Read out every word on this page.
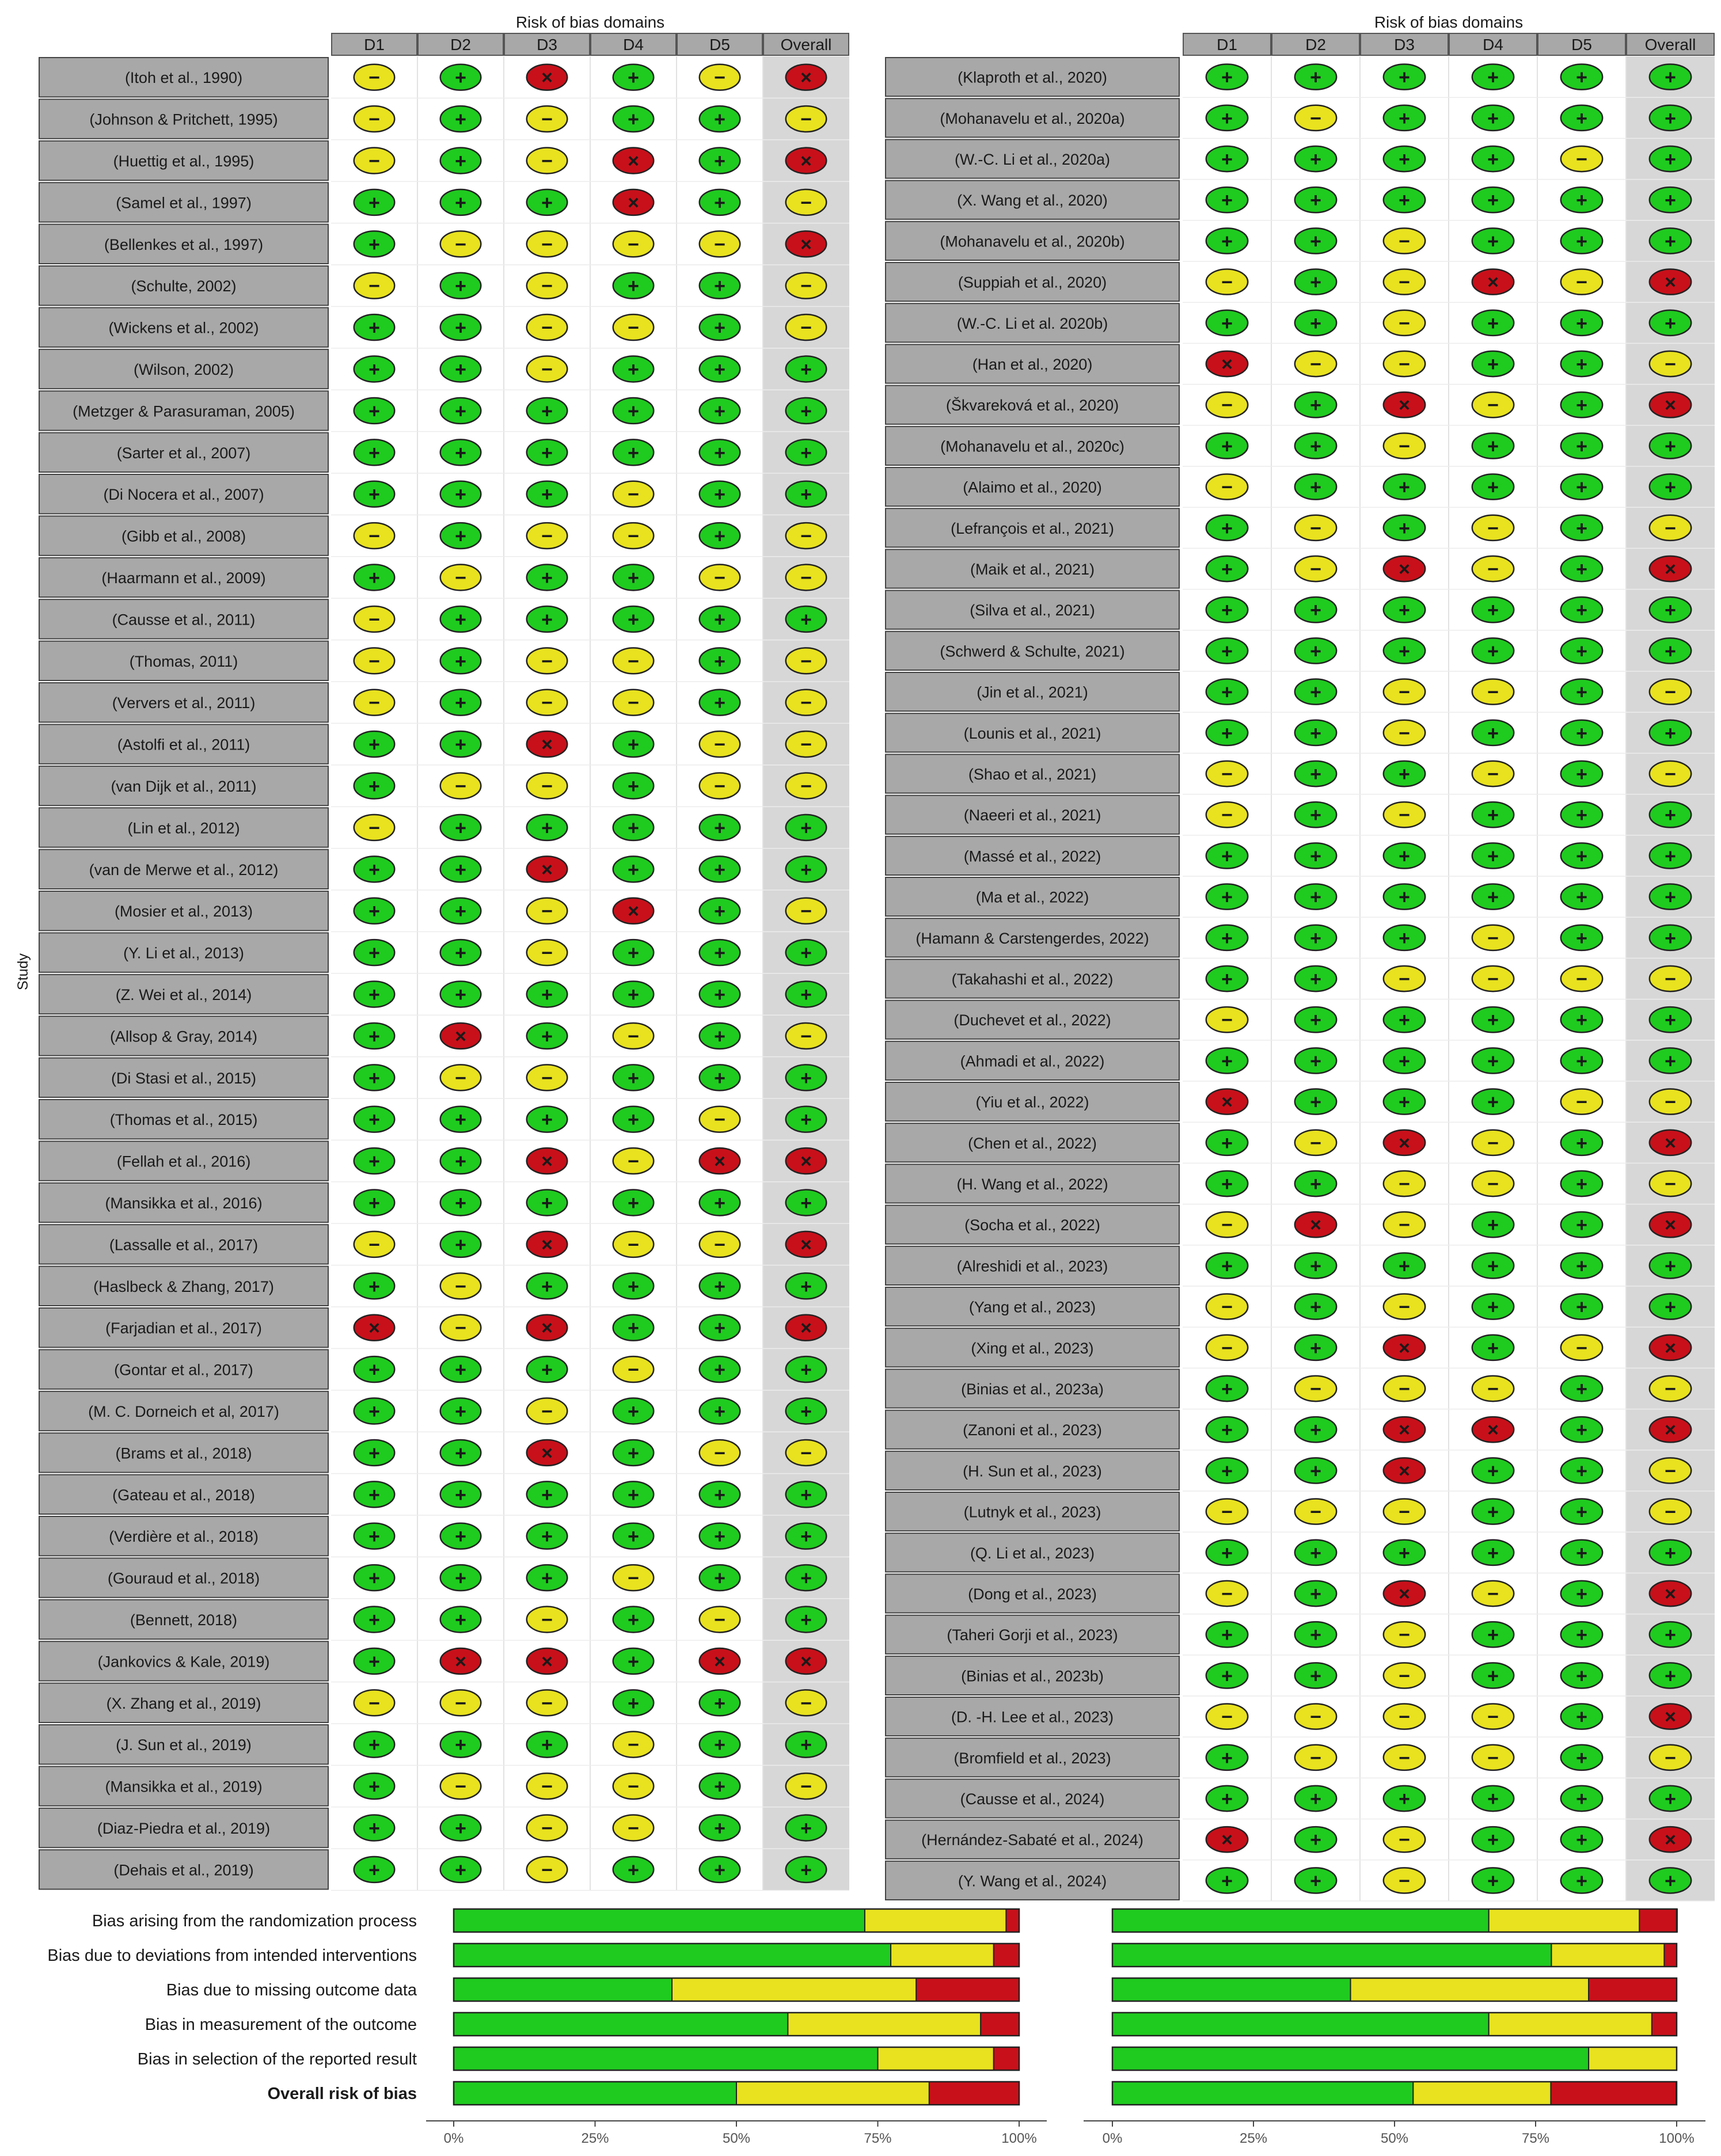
Risk of bias domains
D1	D2	D3	D4	D5	Overall
(Itoh et al., 1990)	−	+	×	+	−	×
(Johnson & Pritchett, 1995)	−	+	−	+	+	−
(Huettig et al., 1995)	−	+	−	×	+	×
(Samel et al., 1997)	+	+	+	×	+	−
(Bellenkes et al., 1997)	+	−	−	−	−	×
(Schulte, 2002)	−	+	−	+	+	−
(Wickens et al., 2002)	+	+	−	−	+	−
(Wilson, 2002)	+	+	−	+	+	+
(Metzger & Parasuraman, 2005)	+	+	+	+	+	+
(Sarter et al., 2007)	+	+	+	+	+	+
(Di Nocera et al., 2007)	+	+	+	−	+	+
(Gibb et al., 2008)	−	+	−	−	+	−
(Haarmann et al., 2009)	+	−	+	+	−	−
(Causse et al., 2011)	−	+	+	+	+	+
(Thomas, 2011)	−	+	−	−	+	−
(Ververs et al., 2011)	−	+	−	−	+	−
(Astolfi et al., 2011)	+	+	×	+	−	−
(van Dijk et al., 2011)	+	−	−	+	−	−
(Lin et al., 2012)	−	+	+	+	+	+
(van de Merwe et al., 2012)	+	+	×	+	+	+
(Mosier et al., 2013)	+	+	−	×	+	−
(Y. Li et al., 2013)	+	+	−	+	+	+
(Z. Wei et al., 2014)	+	+	+	+	+	+
(Allsop & Gray, 2014)	+	×	+	−	+	−
(Di Stasi et al., 2015)	+	−	−	+	+	+
(Thomas et al., 2015)	+	+	+	+	−	+
(Fellah et al., 2016)	+	+	×	−	×	×
(Mansikka et al., 2016)	+	+	+	+	+	+
(Lassalle et al., 2017)	−	+	×	−	−	×
(Haslbeck & Zhang, 2017)	+	−	+	+	+	+
(Farjadian et al., 2017)	×	−	×	+	+	×
(Gontar et al., 2017)	+	+	+	−	+	+
(M. C. Dorneich et al, 2017)	+	+	−	+	+	+
(Brams et al., 2018)	+	+	×	+	−	−
(Gateau et al., 2018)	+	+	+	+	+	+
(Verdière et al., 2018)	+	+	+	+	+	+
(Gouraud et al., 2018)	+	+	+	−	+	+
(Bennett, 2018)	+	+	−	+	−	+
(Jankovics & Kale, 2019)	+	×	×	+	×	×
(X. Zhang et al., 2019)	−	−	−	+	+	−
(J. Sun et al., 2019)	+	+	+	−	+	+
(Mansikka et al., 2019)	+	−	−	−	+	−
(Diaz-Piedra et al., 2019)	+	+	−	−	+	+
(Dehais et al., 2019)	+	+	−	+	+	+
Risk of bias domains
D1	D2	D3	D4	D5	Overall
(Klaproth et al., 2020)	+	+	+	+	+	+
(Mohanavelu et al., 2020a)	+	−	+	+	+	+
(W.-C. Li et al., 2020a)	+	+	+	+	−	+
(X. Wang et al., 2020)	+	+	+	+	+	+
(Mohanavelu et al., 2020b)	+	+	−	+	+	+
(Suppiah et al., 2020)	−	+	−	×	−	×
(W.-C. Li et al. 2020b)	+	+	−	+	+	+
(Han et al., 2020)	×	−	−	+	+	−
(Škvareková et al., 2020)	−	+	×	−	+	×
(Mohanavelu et al., 2020c)	+	+	−	+	+	+
(Alaimo et al., 2020)	−	+	+	+	+	+
(Lefrançois et al., 2021)	+	−	+	−	+	−
(Maik et al., 2021)	+	−	×	−	+	×
(Silva et al., 2021)	+	+	+	+	+	+
(Schwerd & Schulte, 2021)	+	+	+	+	+	+
(Jin et al., 2021)	+	+	−	−	+	−
(Lounis et al., 2021)	+	+	−	+	+	+
(Shao et al., 2021)	−	+	+	−	+	−
(Naeeri et al., 2021)	−	+	−	+	+	+
(Massé et al., 2022)	+	+	+	+	+	+
(Ma et al., 2022)	+	+	+	+	+	+
(Hamann & Carstengerdes, 2022)	+	+	+	−	+	+
(Takahashi et al., 2022)	+	+	−	−	−	−
(Duchevet et al., 2022)	−	+	+	+	+	+
(Ahmadi et al., 2022)	+	+	+	+	+	+
(Yiu et al., 2022)	×	+	+	+	−	−
(Chen et al., 2022)	+	−	×	−	+	×
(H. Wang et al., 2022)	+	+	−	−	+	−
(Socha et al., 2022)	−	×	−	+	+	×
(Alreshidi et al., 2023)	+	+	+	+	+	+
(Yang et al., 2023)	−	+	−	+	+	+
(Xing et al., 2023)	−	+	×	+	−	×
(Binias et al., 2023a)	+	−	−	−	+	−
(Zanoni et al., 2023)	+	+	×	×	+	×
(H. Sun et al., 2023)	+	+	×	+	+	−
(Lutnyk et al., 2023)	−	−	−	+	+	−
(Q. Li et al., 2023)	+	+	+	+	+	+
(Dong et al., 2023)	−	+	×	−	+	×
(Taheri Gorji et al., 2023)	+	+	−	+	+	+
(Binias et al., 2023b)	+	+	−	+	+	+
(D. -H. Lee et al., 2023)	−	−	−	−	+	×
(Bromfield et al., 2023)	+	−	−	−	+	−
(Causse et al., 2024)	+	+	+	+	+	+
(Hernández-Sabaté et al., 2024)	×	+	−	+	+	×
(Y. Wang et al., 2024)	+	+	−	+	+	+
Study
Bias arising from the randomization process
Bias due to deviations from intended interventions
Bias due to missing outcome data
Bias in measurement of the outcome
Bias in selection of the reported result
Overall risk of bias
0%	25%	50%	75%	100%	0%	25%	50%	75%	100%
